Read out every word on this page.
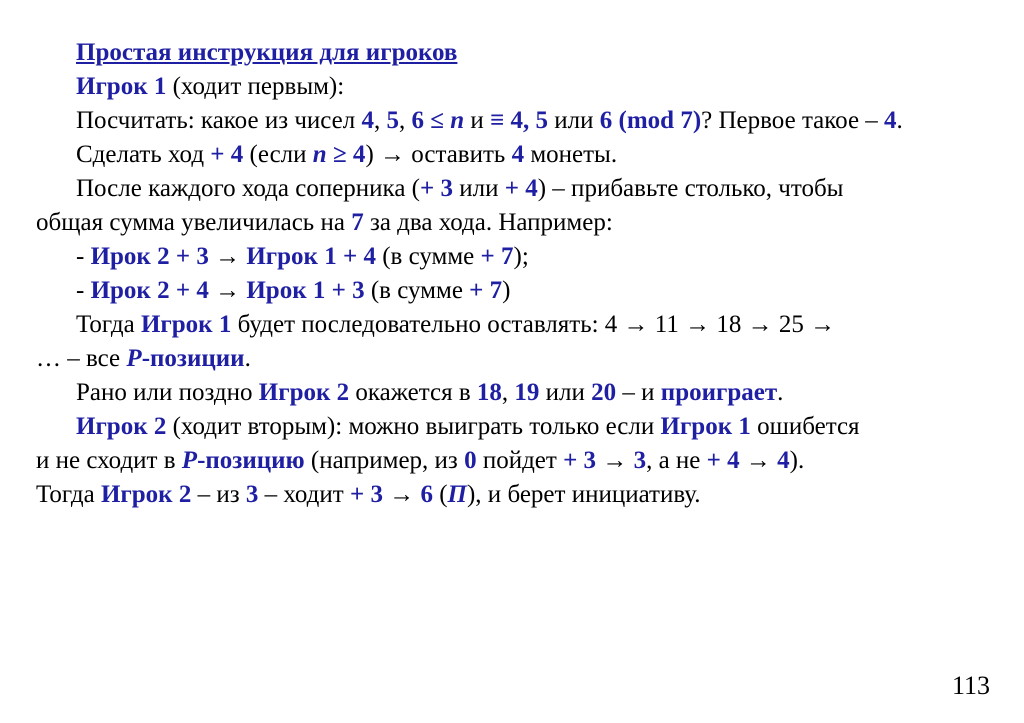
Простая инструкция для игроков
Игрок 1 (ходит первым):
Посчитать: какое из чисел 4, 5, 6 ≤ n и ≡ 4, 5 или 6 (mod 7)? Первое такое – 4.
Сделать ход + 4 (если n ≥ 4) → оставить 4 монеты.
После каждого хода соперника (+ 3 или + 4) – прибавьте столько, чтобы
общая сумма увеличилась на 7 за два хода. Например:
- Ирок 2 + 3 → Игрок 1 + 4 (в сумме + 7);
- Ирок 2 + 4 → Ирок 1 + 3 (в сумме + 7)
Тогда Игрок 1 будет последовательно оставлять: 4 → 11 → 18 → 25 →
… – все P-позиции.
Рано или поздно Игрок 2 окажется в 18, 19 или 20 – и проиграет.
Игрок 2 (ходит вторым): можно выиграть только если Игрок 1 ошибется
и не сходит в P-позицию (например, из 0 пойдет + 3 → 3, а не + 4 → 4).
Тогда Игрок 2 – из 3 – ходит + 3 → 6 (П), и берет инициативу.
113
